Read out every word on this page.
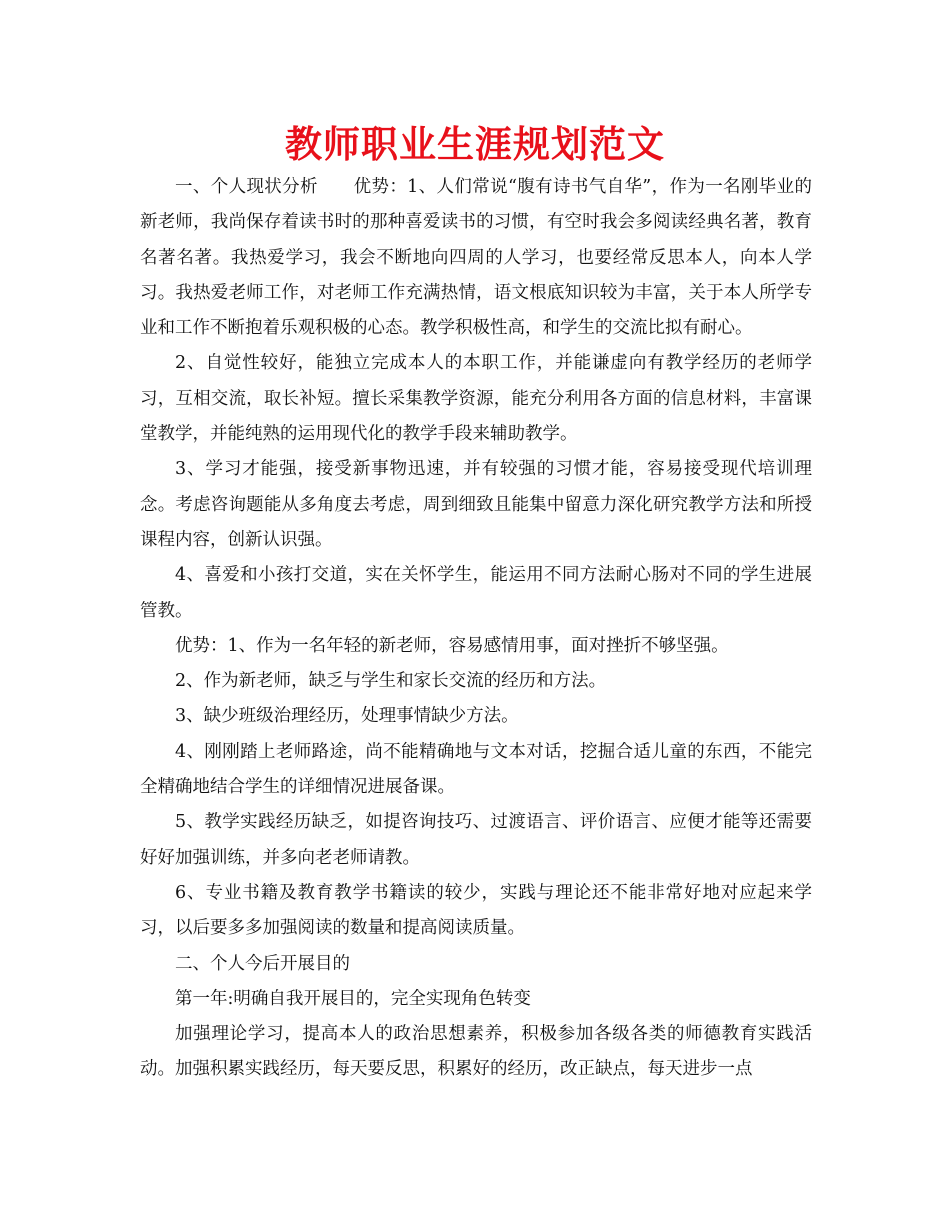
教师职业生涯规划范文

一、个人现状分析　　优势：1、人们常说“腹有诗书气自华”，作为一名刚毕业的新老师，我尚保存着读书时的那种喜爱读书的习惯，有空时我会多阅读经典名著，教育名著名著。我热爱学习，我会不断地向四周的人学习，也要经常反思本人，向本人学习。我热爱老师工作，对老师工作充满热情，语文根底知识较为丰富，关于本人所学专业和工作不断抱着乐观积极的心态。教学积极性高，和学生的交流比拟有耐心。

2、自觉性较好，能独立完成本人的本职工作，并能谦虚向有教学经历的老师学习，互相交流，取长补短。擅长采集教学资源，能充分利用各方面的信息材料，丰富课堂教学，并能纯熟的运用现代化的教学手段来辅助教学。

3、学习才能强，接受新事物迅速，并有较强的习惯才能，容易接受现代培训理念。考虑咨询题能从多角度去考虑，周到细致且能集中留意力深化研究教学方法和所授课程内容，创新认识强。

4、喜爱和小孩打交道，实在关怀学生，能运用不同方法耐心肠对不同的学生进展管教。

优势：1、作为一名年轻的新老师，容易感情用事，面对挫折不够坚强。

2、作为新老师，缺乏与学生和家长交流的经历和方法。

3、缺少班级治理经历，处理事情缺少方法。

4、刚刚踏上老师路途，尚不能精确地与文本对话，挖掘合适儿童的东西，不能完全精确地结合学生的详细情况进展备课。

5、教学实践经历缺乏，如提咨询技巧、过渡语言、评价语言、应便才能等还需要好好加强训练，并多向老老师请教。

6、专业书籍及教育教学书籍读的较少，实践与理论还不能非常好地对应起来学习，以后要多多加强阅读的数量和提高阅读质量。

二、个人今后开展目的

第一年:明确自我开展目的，完全实现角色转变

加强理论学习，提高本人的政治思想素养，积极参加各级各类的师德教育实践活动。加强积累实践经历，每天要反思，积累好的经历，改正缺点，每天进步一点
